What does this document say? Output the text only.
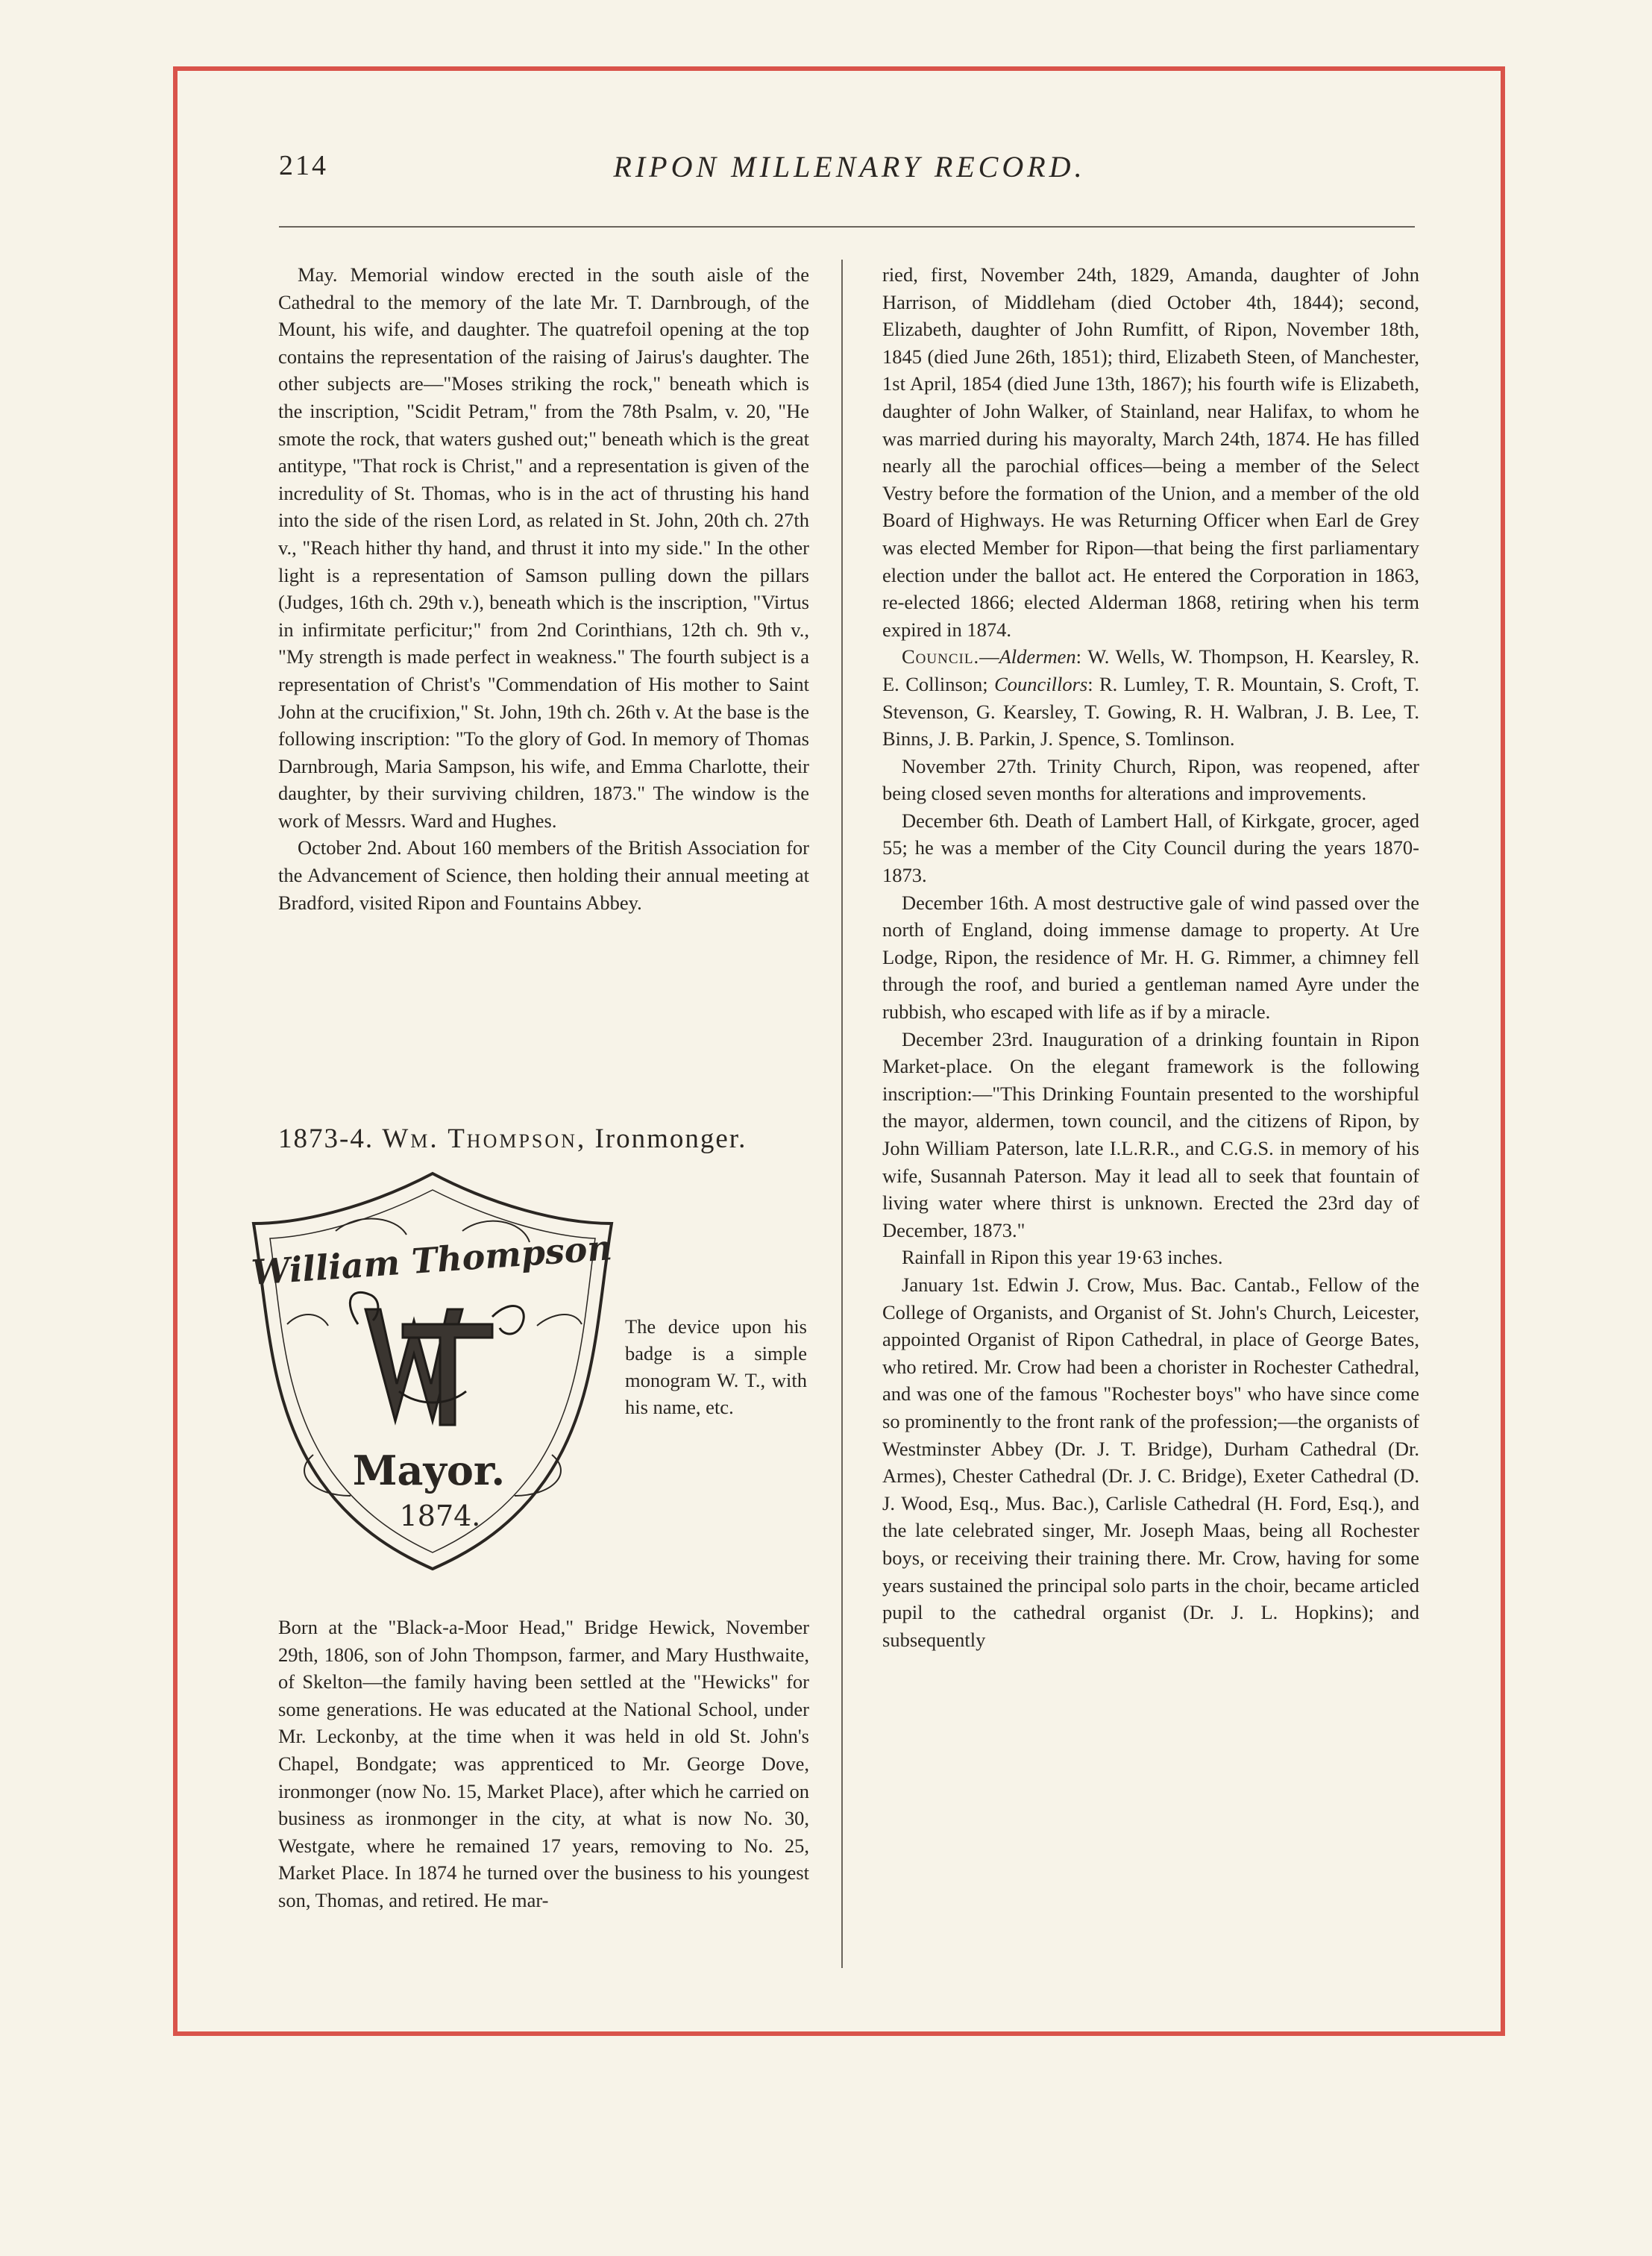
214	RIPON MILLENARY RECORD.

May. Memorial window erected in the south aisle of the Cathedral to the memory of the late Mr. T. Darnbrough, of the Mount, his wife, and daughter. The quatrefoil opening at the top contains the representation of the raising of Jairus's daughter. The other subjects are—"Moses striking the rock," beneath which is the inscription, "Scidit Petram," from the 78th Psalm, v. 20, "He smote the rock, that waters gushed out;" beneath which is the great antitype, "That rock is Christ," and a representation is given of the incredulity of St. Thomas, who is in the act of thrusting his hand into the side of the risen Lord, as related in St. John, 20th ch. 27th v., "Reach hither thy hand, and thrust it into my side." In the other light is a representation of Samson pulling down the pillars (Judges, 16th ch. 29th v.), beneath which is the inscription, "Virtus in infirmitate perficitur;" from 2nd Corinthians, 12th ch. 9th v., "My strength is made perfect in weakness." The fourth subject is a representation of Christ's "Commendation of His mother to Saint John at the crucifixion," St. John, 19th ch. 26th v. At the base is the following inscription: "To the glory of God. In memory of Thomas Darnbrough, Maria Sampson, his wife, and Emma Charlotte, their daughter, by their surviving children, 1873." The window is the work of Messrs. Ward and Hughes.

October 2nd. About 160 members of the British Association for the Advancement of Science, then holding their annual meeting at Bradford, visited Ripon and Fountains Abbey.

1873-4. Wm. Thompson, Ironmonger.
William Thompson
Mayor.
1874.
The device upon his badge is a simple monogram W. T., with his name, etc.

Born at the "Black-a-Moor Head," Bridge Hewick, November 29th, 1806, son of John Thompson, farmer, and Mary Husthwaite, of Skelton—the family having been settled at the "Hewicks" for some generations. He was educated at the National School, under Mr. Leckonby, at the time when it was held in old St. John's Chapel, Bondgate; was apprenticed to Mr. George Dove, ironmonger (now No. 15, Market Place), after which he carried on business as ironmonger in the city, at what is now No. 30, Westgate, where he remained 17 years, removing to No. 25, Market Place. In 1874 he turned over the business to his youngest son, Thomas, and retired. He mar-

ried, first, November 24th, 1829, Amanda, daughter of John Harrison, of Middleham (died October 4th, 1844); second, Elizabeth, daughter of John Rumfitt, of Ripon, November 18th, 1845 (died June 26th, 1851); third, Elizabeth Steen, of Manchester, 1st April, 1854 (died June 13th, 1867); his fourth wife is Elizabeth, daughter of John Walker, of Stainland, near Halifax, to whom he was married during his mayoralty, March 24th, 1874. He has filled nearly all the parochial offices—being a member of the Select Vestry before the formation of the Union, and a member of the old Board of Highways. He was Returning Officer when Earl de Grey was elected Member for Ripon—that being the first parliamentary election under the ballot act. He entered the Corporation in 1863, re-elected 1866; elected Alderman 1868, retiring when his term expired in 1874.

Council.—Aldermen: W. Wells, W. Thompson, H. Kearsley, R. E. Collinson; Councillors: R. Lumley, T. R. Mountain, S. Croft, T. Stevenson, G. Kearsley, T. Gowing, R. H. Walbran, J. B. Lee, T. Binns, J. B. Parkin, J. Spence, S. Tomlinson.

November 27th. Trinity Church, Ripon, was reopened, after being closed seven months for alterations and improvements.

December 6th. Death of Lambert Hall, of Kirkgate, grocer, aged 55; he was a member of the City Council during the years 1870-1873.

December 16th. A most destructive gale of wind passed over the north of England, doing immense damage to property. At Ure Lodge, Ripon, the residence of Mr. H. G. Rimmer, a chimney fell through the roof, and buried a gentleman named Ayre under the rubbish, who escaped with life as if by a miracle.

December 23rd. Inauguration of a drinking fountain in Ripon Market-place. On the elegant framework is the following inscription:—"This Drinking Fountain presented to the worshipful the mayor, aldermen, town council, and the citizens of Ripon, by John William Paterson, late I.L.R.R., and C.G.S. in memory of his wife, Susannah Paterson. May it lead all to seek that fountain of living water where thirst is unknown. Erected the 23rd day of December, 1873."

Rainfall in Ripon this year 19·63 inches.

January 1st. Edwin J. Crow, Mus. Bac. Cantab., Fellow of the College of Organists, and Organist of St. John's Church, Leicester, appointed Organist of Ripon Cathedral, in place of George Bates, who retired. Mr. Crow had been a chorister in Rochester Cathedral, and was one of the famous "Rochester boys" who have since come so prominently to the front rank of the profession;—the organists of Westminster Abbey (Dr. J. T. Bridge), Durham Cathedral (Dr. Armes), Chester Cathedral (Dr. J. C. Bridge), Exeter Cathedral (D. J. Wood, Esq., Mus. Bac.), Carlisle Cathedral (H. Ford, Esq.), and the late celebrated singer, Mr. Joseph Maas, being all Rochester boys, or receiving their training there. Mr. Crow, having for some years sustained the principal solo parts in the choir, became articled pupil to the cathedral organist (Dr. J. L. Hopkins); and subsequently
